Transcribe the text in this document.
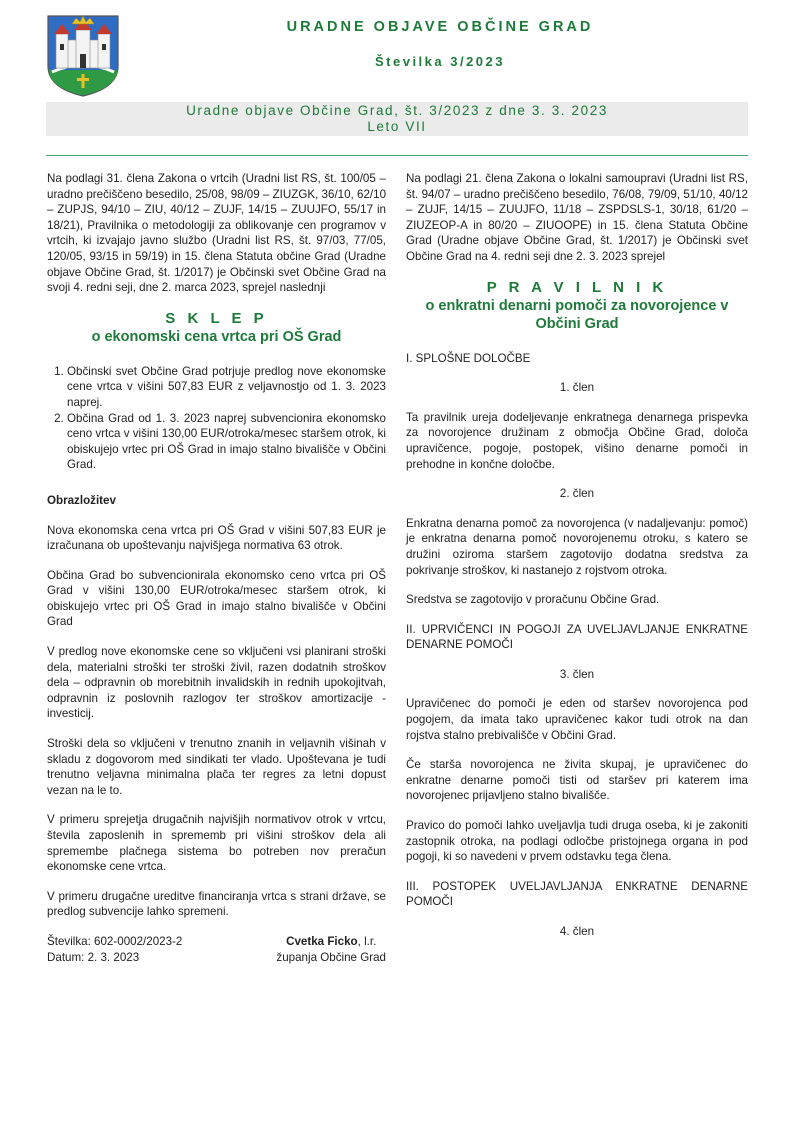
URADNE OBJAVE OBČINE GRAD
Številka 3/2023
Uradne objave Občine Grad, št. 3/2023 z dne 3. 3. 2023
Leto VII

Na podlagi 31. člena Zakona o vrtcih (Uradni list RS, št. 100/05 – uradno prečiščeno besedilo, 25/08, 98/09 – ZIUZGK, 36/10, 62/10 – ZUPJS, 94/10 – ZIU, 40/12 – ZUJF, 14/15 – ZUUJFO, 55/17 in 18/21), Pravilnika o metodologiji za oblikovanje cen programov v vrtcih, ki izvajajo javno službo (Uradni list RS, št. 97/03, 77/05, 120/05, 93/15 in 59/19) in 15. člena Statuta občine Grad (Uradne objave Občine Grad, št. 1/2017) je Občinski svet Občine Grad na svoji 4. redni seji, dne 2. marca 2023, sprejel naslednji

S K L E P
o ekonomski cena vrtca pri OŠ Grad
1. Občinski svet Občine Grad potrjuje predlog nove ekonomske cene vrtca v višini 507,83 EUR z veljavnostjo od 1. 3. 2023 naprej.
2. Občina Grad od 1. 3. 2023 naprej subvencionira ekonomsko ceno vrtca v višini 130,00 EUR/otroka/mesec staršem otrok, ki obiskujejo vrtec pri OŠ Grad in imajo stalno bivališče v Občini Grad.
Obrazložitev

Nova ekonomska cena vrtca pri OŠ Grad v višini 507,83 EUR je izračunana ob upoštevanju najvišjega normativa 63 otrok.

Občina Grad bo subvencionirala ekonomsko ceno vrtca pri OŠ Grad v višini 130,00 EUR/otroka/mesec staršem otrok, ki obiskujejo vrtec pri OŠ Grad in imajo stalno bivališče v Občini Grad

V predlog nove ekonomske cene so vključeni vsi planirani stroški dela, materialni stroški ter stroški živil, razen dodatnih stroškov dela – odpravnin ob morebitnih invalidskih in rednih upokojitvah, odpravnin iz poslovnih razlogov ter stroškov amortizacije - investicij.

Stroški dela so vključeni v trenutno znanih in veljavnih višinah v skladu z dogovorom med sindikati ter vlado. Upoštevana je tudi trenutno veljavna minimalna plača ter regres za letni dopust vezan na le to.

V primeru sprejetja drugačnih najvišjih normativov otrok v vrtcu, števila zaposlenih in sprememb pri višini stroškov dela ali spremembe plačnega sistema bo potreben nov preračun ekonomske cene vrtca.

V primeru drugačne ureditve financiranja vrtca s strani države, se predlog subvencije lahko spremeni.

Številka: 602-0002/2023-2
Datum: 2. 3. 2023
Cvetka Ficko, l.r.
županja Občine Grad

Na podlagi 21. člena Zakona o lokalni samoupravi (Uradni list RS, št. 94/07 – uradno prečiščeno besedilo, 76/08, 79/09, 51/10, 40/12 – ZUJF, 14/15 – ZUUJFO, 11/18 – ZSPDSLS-1, 30/18, 61/20 – ZIUZEOP-A in 80/20 – ZIUOOPE) in 15. člena Statuta Občine Grad (Uradne objave Občine Grad, št. 1/2017) je Občinski svet Občine Grad na 4. redni seji dne 2. 3. 2023 sprejel

P R A V I L N I K
o enkratni denarni pomoči za novorojence v Občini Grad

I. SPLOŠNE DOLOČBE

1. člen

Ta pravilnik ureja dodeljevanje enkratnega denarnega prispevka za novorojence družinam z območja Občine Grad, določa upravičence, pogoje, postopek, višino denarne pomoči in prehodne in končne določbe.

2. člen

Enkratna denarna pomoč za novorojenca (v nadaljevanju: pomoč) je enkratna denarna pomoč novorojenemu otroku, s katero se družini oziroma staršem zagotovijo dodatna sredstva za pokrivanje stroškov, ki nastanejo z rojstvom otroka.

Sredstva se zagotovijo v proračunu Občine Grad.

II. UPRVIČENCI IN POGOJI ZA UVELJAVLJANJE ENKRATNE DENARNE POMOČI

3. člen

Upravičenec do pomoči je eden od staršev novorojenca pod pogojem, da imata tako upravičenec kakor tudi otrok na dan rojstva stalno prebivališče v Občini Grad.

Če starša novorojenca ne živita skupaj, je upravičenec do enkratne denarne pomoči tisti od staršev pri katerem ima novorojenec prijavljeno stalno bivališče.

Pravico do pomoči lahko uveljavlja tudi druga oseba, ki je zakoniti zastopnik otroka, na podlagi odločbe pristojnega organa in pod pogoji, ki so navedeni v prvem odstavku tega člena.

III. POSTOPEK UVELJAVLJANJA ENKRATNE DENARNE POMOČI

4. člen
